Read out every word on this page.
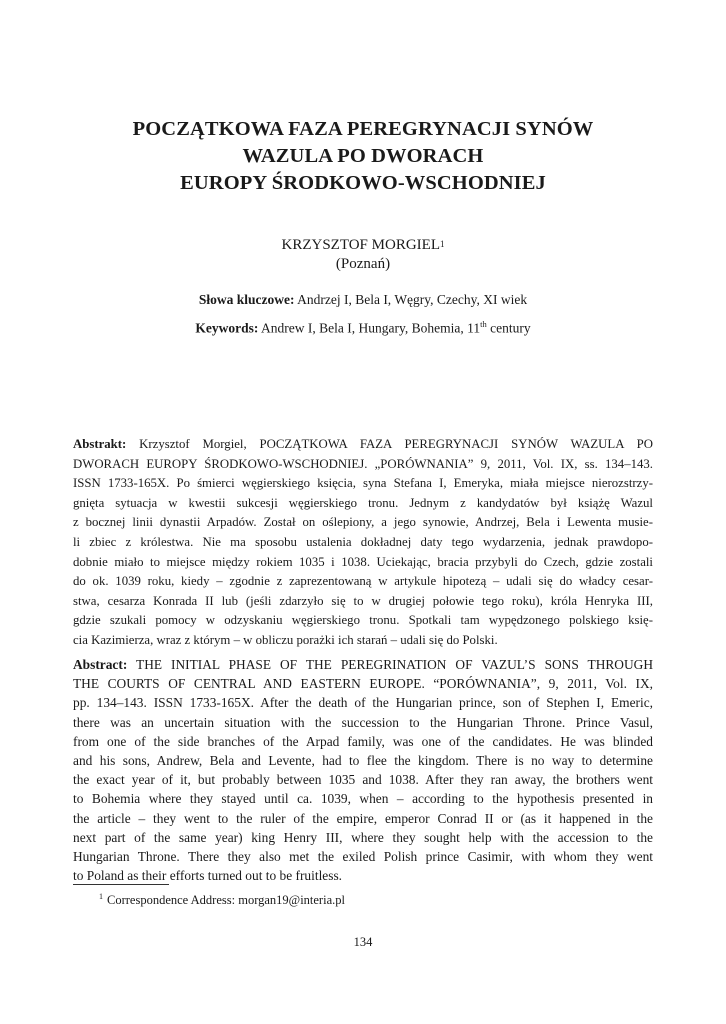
POCZĄTKOWA FAZA PEREGRYNACJI SYNÓW
WAZULA PO DWORACH
EUROPY ŚRODKOWO-WSCHODNIEJ
KRZYSZTOF MORGIEL$^1$
(Poznań)
Słowa kluczowe: Andrzej I, Bela I, Węgry, Czechy, XI wiek
Keywords: Andrew I, Bela I, Hungary, Bohemia, 11th century
Abstrakt: Krzysztof Morgiel, POCZĄTKOWA FAZA PEREGRYNACJI SYNÓW WAZULA PO
DWORACH EUROPY ŚRODKOWO-WSCHODNIEJ. „PORÓWNANIA” 9, 2011, Vol. IX, ss. 134–143.
ISSN 1733-165X. Po śmierci węgierskiego księcia, syna Stefana I, Emeryka, miała miejsce nierozstrzy-
gnięta sytuacja w kwestii sukcesji węgierskiego tronu. Jednym z kandydatów był książę Wazul
z bocznej linii dynastii Arpadów. Został on oślepiony, a jego synowie, Andrzej, Bela i Lewenta musie-
li zbiec z królestwa. Nie ma sposobu ustalenia dokładnej daty tego wydarzenia, jednak prawdopo-
dobnie miało to miejsce między rokiem 1035 i 1038. Uciekając, bracia przybyli do Czech, gdzie zostali
do ok. 1039 roku, kiedy – zgodnie z zaprezentowaną w artykule hipotezą – udali się do władcy cesar-
stwa, cesarza Konrada II lub (jeśli zdarzyło się to w drugiej połowie tego roku), króla Henryka III,
gdzie szukali pomocy w odzyskaniu węgierskiego tronu. Spotkali tam wypędzonego polskiego księ-
cia Kazimierza, wraz z którym – w obliczu porażki ich starań – udali się do Polski.
Abstract: THE INITIAL PHASE OF THE PEREGRINATION OF VAZUL’S SONS THROUGH
THE COURTS OF CENTRAL AND EASTERN EUROPE. “PORÓWNANIA”, 9, 2011, Vol. IX,
pp. 134–143. ISSN 1733-165X. After the death of the Hungarian prince, son of Stephen I, Emeric,
there was an uncertain situation with the succession to the Hungarian Throne. Prince Vasul,
from one of the side branches of the Arpad family, was one of the candidates. He was blinded
and his sons, Andrew, Bela and Levente, had to flee the kingdom. There is no way to determine
the exact year of it, but probably between 1035 and 1038. After they ran away, the brothers went
to Bohemia where they stayed until ca. 1039, when – according to the hypothesis presented in
the article – they went to the ruler of the empire, emperor Conrad II or (as it happened in the
next part of the same year) king Henry III, where they sought help with the accession to the
Hungarian Throne. There they also met the exiled Polish prince Casimir, with whom they went
to Poland as their efforts turned out to be fruitless.
$^1$ Correspondence Address: morgan19@interia.pl
134
